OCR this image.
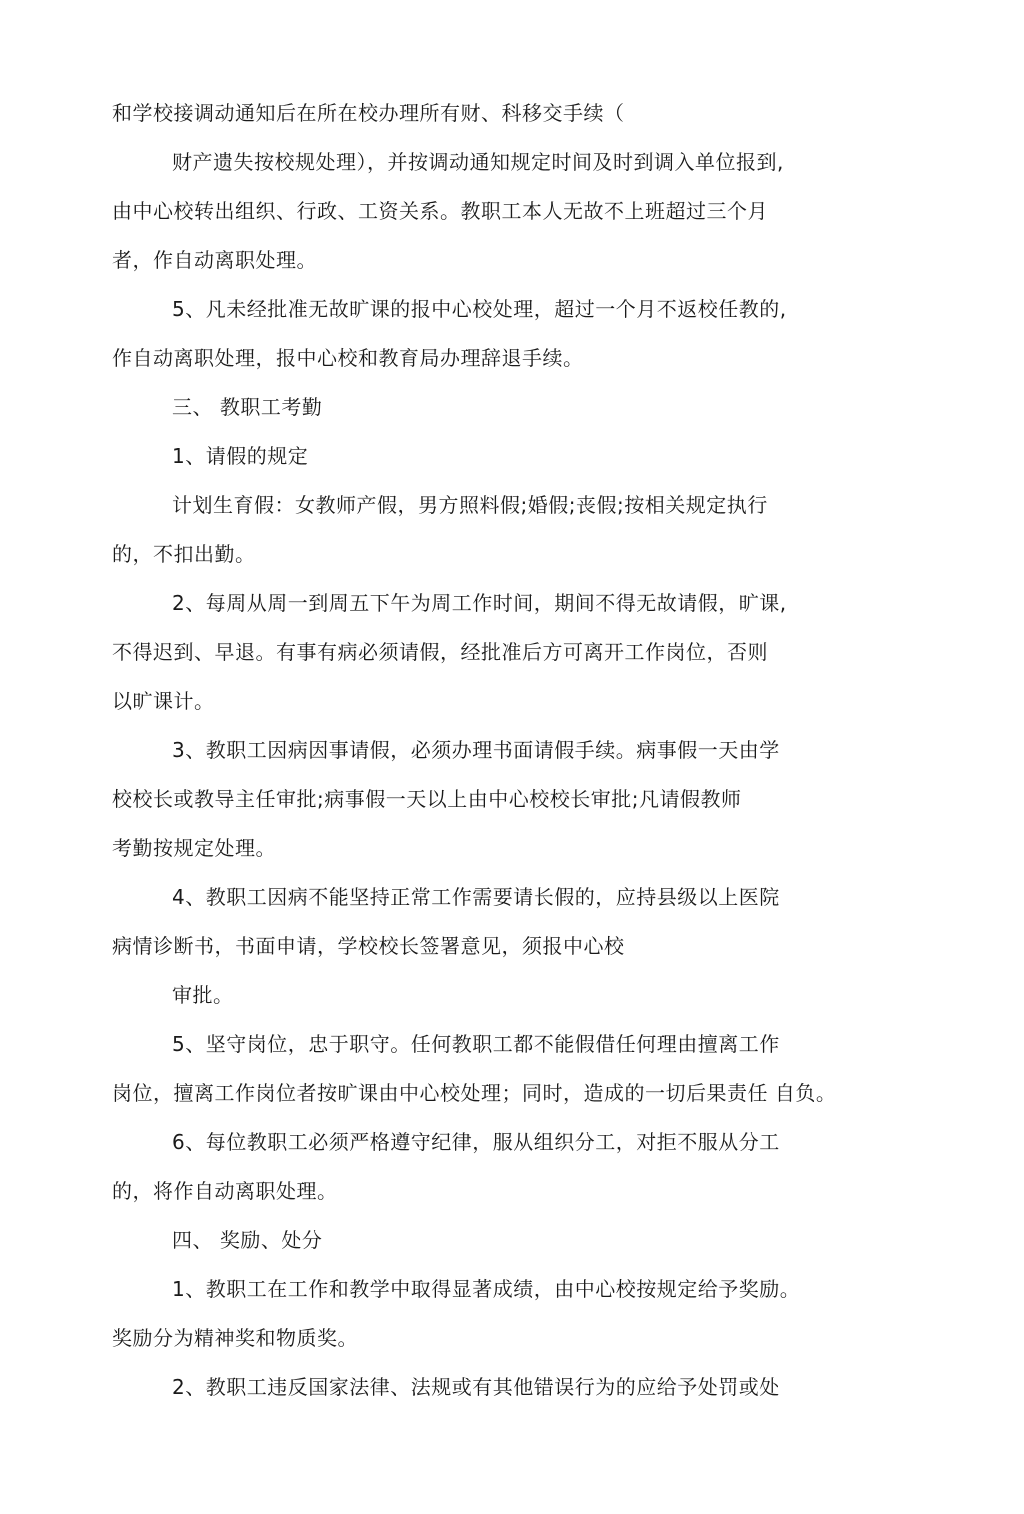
和学校接调动通知后在所在校办理所有财、科移交手续（
财产遗失按校规处理），并按调动通知规定时间及时到调入单位报到,
由中心校转出组织、行政、工资关系。教职工本人无故不上班超过三个月
者，作自动离职处理。
5、凡未经批准无故旷课的报中心校处理，超过一个月不返校任教的,
作自动离职处理，报中心校和教育局办理辞退手续。
三、 教职工考勤
1、请假的规定
计划生育假：女教师产假，男方照料假;婚假;丧假;按相关规定执行
的，不扣出勤。
2、每周从周一到周五下午为周工作时间，期间不得无故请假，旷课,
不得迟到、早退。有事有病必须请假，经批准后方可离开工作岗位，否则
以旷课计。
3、教职工因病因事请假，必须办理书面请假手续。病事假一天由学
校校长或教导主任审批;病事假一天以上由中心校校长审批;凡请假教师
考勤按规定处理。
4、教职工因病不能坚持正常工作需要请长假的，应持县级以上医院
病情诊断书，书面申请，学校校长签署意见，须报中心校
审批。
5、坚守岗位，忠于职守。任何教职工都不能假借任何理由擅离工作
岗位，擅离工作岗位者按旷课由中心校处理；同时，造成的一切后果责任 自负。
6、每位教职工必须严格遵守纪律，服从组织分工，对拒不服从分工
的，将作自动离职处理。
四、 奖励、处分
1、教职工在工作和教学中取得显著成绩，由中心校按规定给予奖励。
奖励分为精神奖和物质奖。
2、教职工违反国家法律、法规或有其他错误行为的应给予处罚或处
